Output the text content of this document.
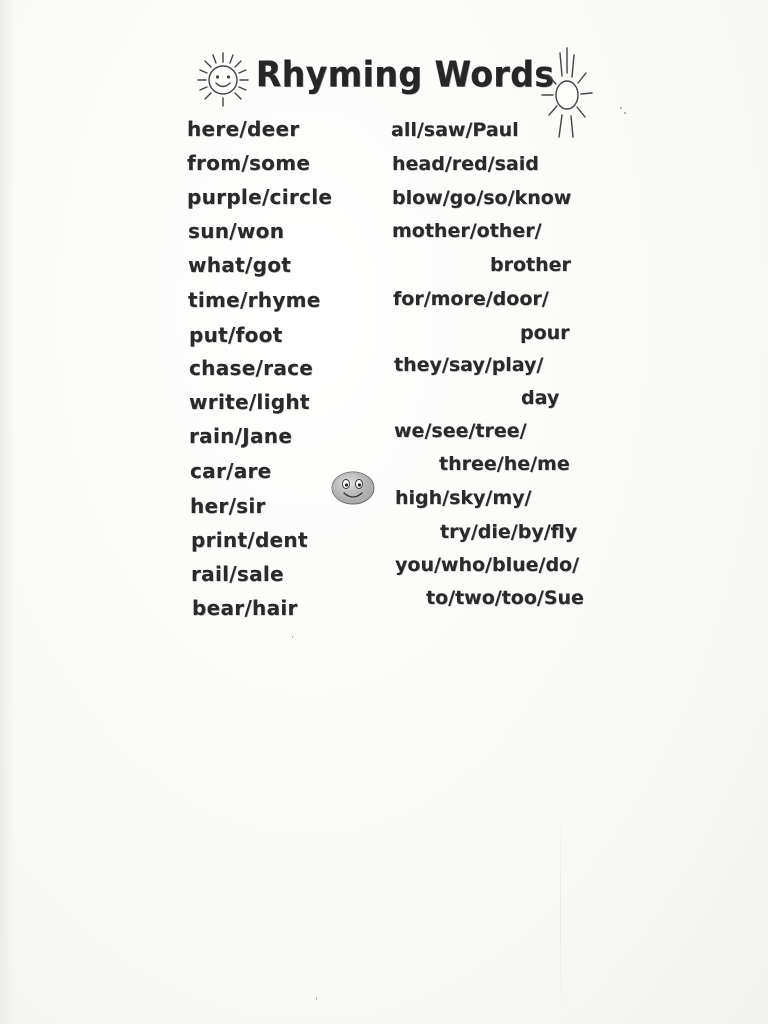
Rhyming Words

here/deer

from/some

purple/circle

sun/won

what/got

time/rhyme

put/foot

chase/race

write/light

rain/Jane

car/are

her/sir

print/dent

rail/sale

bear/hair

all/saw/Paul

head/red/said

blow/go/so/know

mother/other/

brother

for/more/door/

pour

they/say/play/

day

we/see/tree/

three/he/me

high/sky/my/

try/die/by/fly

you/who/blue/do/

to/two/too/Sue
